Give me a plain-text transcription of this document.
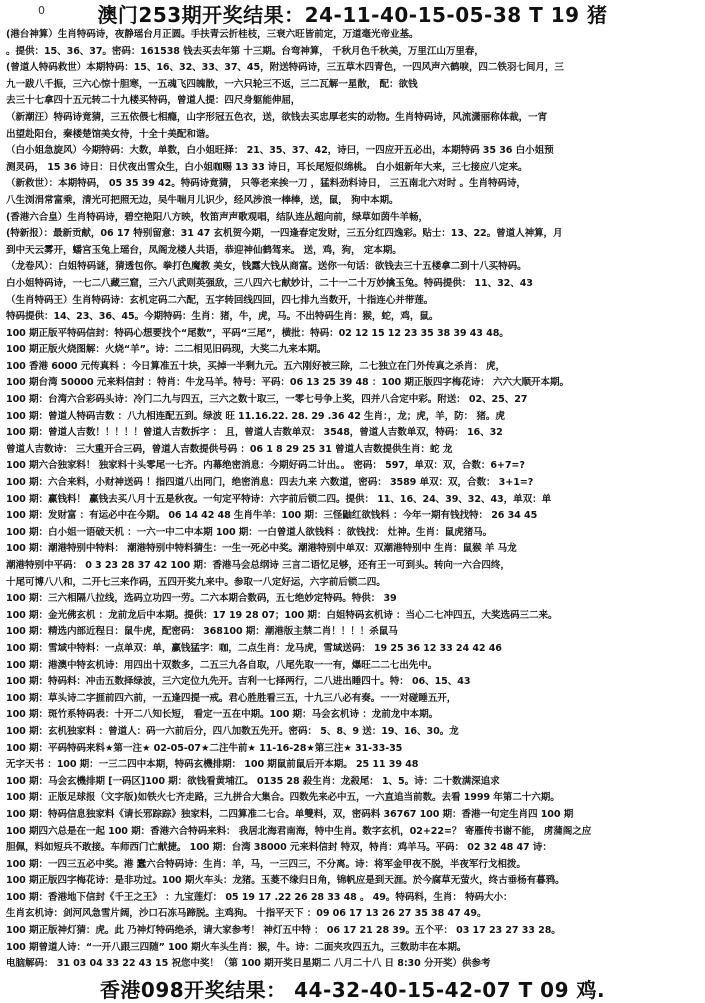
0	澳门253期开奖结果：24-11-40-15-05-38 T 19 猪
(港台神算）生肖特码诗，夜静瑶台月正圆。手扶青云折桂枝，三衰六旺皆前定，万道毫光帝业基。
。提供：15、36、37。密码：161538 钱去买去年第 十三期。台弯神算， 千秋月色千秋美，万里江山万里春，
(曾道人特码救世）本期特码：15、16、32、33、37、45，附送特码诗，三五草木四青色，一四风声六鹤唳，四二铁羽七间月，三
九一跋八千振，三六心惊十胆寒，一五魂飞四魄散，一六只轮三不返，三二瓦解一星散， 配：欲钱
去三十七拿四十五元转二十九楼买特码，曾道人提：四尺身躯能伸屈，
（新潮汪）特码诗竟猜，三五依偎七相瘾，山字形冠五色衣，送，欲钱去买忠厚老实的动物。生肖特码诗，风流潇丽称体裁，一宵
出望赴阳台，秦楼楚馆美女待，十全十美配和谐。
（白小姐急旋风）今期特码：大数，单数，白小姐旺择： 21、35、37、42，诗曰，一四应开五必出，本期特码 35 36 白小姐预
测灵码， 15 36 诗日：日伏夜出雪众生，白小姐咖赐 13 33 诗日，耳长尾短似绵桃。 白小姐新年大来，三七接应八定来。
（新救世）：本期特码， 05 35 39 42。特码诗竟猜， 只等老来挨一刀 ，猛料劲料诗日， 三五南北六对时 。生肖特码诗，
八生浏涓常富乘，清光可把照无边，吴牛喘月儿识少，经风涉浪一棒棒，送，鼠， 狗中本期。
(香港六合皇）生肖特码诗，碧空艳阳八方映，牧笛声声歌观唱，结队连丛超向前，绿草如茵牛羊畅，
(特新报）：最新贡献，06 17 特别留意：31 47 玄机贺今期，一四逢春定发财，三五分红四逸彩。贴士：13、22。曾道人神算，月
到中天云雾开，蟠宫玉兔上瑶台，凤阁龙楼人共语，恭迎神仙鹤驾来。 送，鸡，狗， 定本期。
（龙卷风）：白姐特码谜，猜透包你。拳打色魔教 美女，钱露大钱从商富。送你一句话：欲钱去三十五楼拿二到十八买特码。
白小姐特码诗，一七二八藏三窟，三六八武则英强敌，三八四六七献妙计，二十一二十万妙擒玉兔。特码提供： 11、32、43
（生肖特码王）生肖特码诗：玄机定码二六配，五字转回线四回，四七排九当数开，十指连心并带莲。
特码提供：14、23、36、45。今期特码：生肖：猪，牛，虎，马。不出特码生肖：猴，蛇，鸡，鼠。
100 期正版平特码信封：特码心想要找个“尾数”，平码“三尾”，横批：特码：02 12 15 12 23 35 38 39 43 48。
100 期正版火烧图解：火烧“羊”。诗：二二相见旧码现，大奖二九来本期。
100 香港 6000 元传真料 ：今日算准五十块，买掉一半剩九元。五六刚好被三除，二七独立在门外传真之杀肖： 虎，
100 期台湾 50000 元来料信封 ：特肖：牛龙马羊。特号：平码：06 13 25 39 48 ：100 期正版四字梅花诗： 六六大顺开本期。
100 期：台湾六合彩码头诗：冷门二九与四五，三六之数十取三，一零七号争上奖，四并八合定中彩。附送： 02、25、27
100 期：曾道人特码吉数 ：八九相连配五到。绿波 旺 11.16.22. 28. 29 .36 42 生肖：，龙；虎，羊，防： 猪。虎
100 期：曾道人吉数！！！！！曾道人吉数拆字 ： 且，曾道人吉数单双： 3548，曾道人吉数单双，特码： 16、32
曾道人吉数诗： 三大重开合三码，曾道人吉数提供号码 ：06 1 8 29 25 31 曾道人吉数提供生肖：蛇 龙
100 期六合独家料！ 独家料十头零尾一七齐。内幕绝密消息：今期好码二计出。。 密码： 597，单双：双，合数：6+7=?
100 期：六合来料，小财神送码 ！指四道八出同门，绝密消息：四去九来 六数道，密码： 3589 单双：双，合数： 3+1=?
100 期：赢钱料！ 赢钱去买八月十五是秋夜。一句定平特诗：六字前后锁二四。提供： 11、16、24、39、32、43，单双：单
100 期：发财富 ：有运必中在今期。 06 14 42 48 生肖牛羊：100 期：三怪鼬红欲钱料 ：今年一期有钱找特： 26 34 45
100 期：白小姐一语破天机 ：一六一中二中本期 100 期：一白曾道人欲钱料 ：欲钱找： 灶神。生肖：鼠虎猪马。
100 期：潮港特别中特料： 潮港特别中特料猜生：一生一死必中奖。潮港特别中单双：双潮港特别中 生肖：鼠猴 羊 马龙
潮港特别中平码： 0 3 23 28 37 42 100 期：香港马会总纲诗 三言二语忆足够，还有王一可到头。转向一六合四终，
十尾可博八八和，二开七三来作码，五四开奖九来中。参取一八定好运，六字前后锁二四。
100 期：三六相隔八拉线，选码立功四一劳。二六本期合数码，五七绝妙定特码。特供： 39
100 期：金光佛玄机 ：龙前龙后中本期。提供：17 19 28 07；100 期：白姐特码玄机诗 ：当心二七冲四五，大奖选码三二来。
100 期：精选内部近程日：鼠牛虎，配密码： 368100 期：潮港版主禁二肖！！！！杀鼠马
100 期：雪域中特料：一点单双：单，赢钱猛字：咖，二点生肖：龙马虎，雪域送码： 19 25 36 12 33 24 42 46
100 期：港澳中特玄机诗：用四出十双数多，二五三九各自取，八尾先取一一有，爆旺二二七出先中。
100 期：特码料：冲击五数择绿波，三六定位九先开。吉利一七择两行，二八进出睡四十。特： 06、15、43
100 期：草头诗二字捱前四六前，一五逢四提一戒。君心胜胜看三五，十九三八必有奏。一一对碰睡五开，
100 期：斑竹系特码表：十开二八知长短， 看定一五在中期。100 期：马会玄机诗 ：龙前龙中本期。
100 期：玄机独家料 ：曾道人：码一六前后分，四八加数五先开。密码： 5、8、9 送：19、16、30。龙
100 期：平码特码来料★第一注★ 02-05-07★二注牛前★ 11-16-28★第三注★ 31-33-35
无字天书 ：100 期：一三二四中本期，特码玄機排期： 100 期鼠前鼠后开本期。 25 11 39 48
100 期：马会玄機排期 [一码区]100 期：欲钱看黄埔江。 0135 28 殺生肖：龙殺尾： 1、5。诗：二十数满深追求
100 期：正版足球报（文字版)如铁火七齐走路，三九拼合大集合。四数先来必中五，一六直追当前数。去看 1999 年第二十六期。
100 期：特码信息独家料《请长邪踪踪》独家料，二四算准二七合。单雙料，双，密码料 36767 100 期：香港一句定生肖四 100 期
100 期四六总是在一起 100 期：香港六合特码来料： 我居北海君南海，特中生肖。数字玄机，02+22=？ 寄雁传书谢不能， 虏蒲阁之应
胆佩，料如短兵不敢接。车师西门亡献捷。 100 期：台湾 38000 元来料信封 特双，特肖：鸡羊马。平码： 02 32 48 47 诗：
100 期：一四三五必中奖。港 蠢六合特码诗：生肖：羊，马，一三四三，不分离。诗：将军金甲夜不脱，半夜军行戈相拨。
100 期正版四字梅花诗：是非功过。100 期火车头：龙猪。玉菱不缘归日角，锦帆应是到天涯。於今腐草无萤火，终古垂杨有暮鸦。
100 期：香港地下信封《千王之王》 ：九宝莲灯： 05 19 17 .22 26 28 33 48 。 49。特码料，生肖： 特码大小：
生肖玄机诗：剑河风急雪片阔，沙口石冻马蹄脱。主鸡狗。 十指平天下 ：09 06 17 13 26 27 35 38 47 49。
100 期正版神灯猜：虎。此 乃神灯特码绝杀，请大家参考！ 神灯五中特 ： 06 17 21 28 39。五个平： 03 17 23 27 33 28。
100 期曾道人诗：“一开八跟三四随” 100 期火车头生肖：猴，牛。诗：二面夹攻四五九，三数助丰在本期。
电脑解码： 31 03 04 33 22 43 15 祝您中奖！（第 100 期开奖日星期二 八月二十八 日 8:30 分开奖）供参考
香港098开奖结果： 44-32-40-15-42-07 T 09 鸡.
